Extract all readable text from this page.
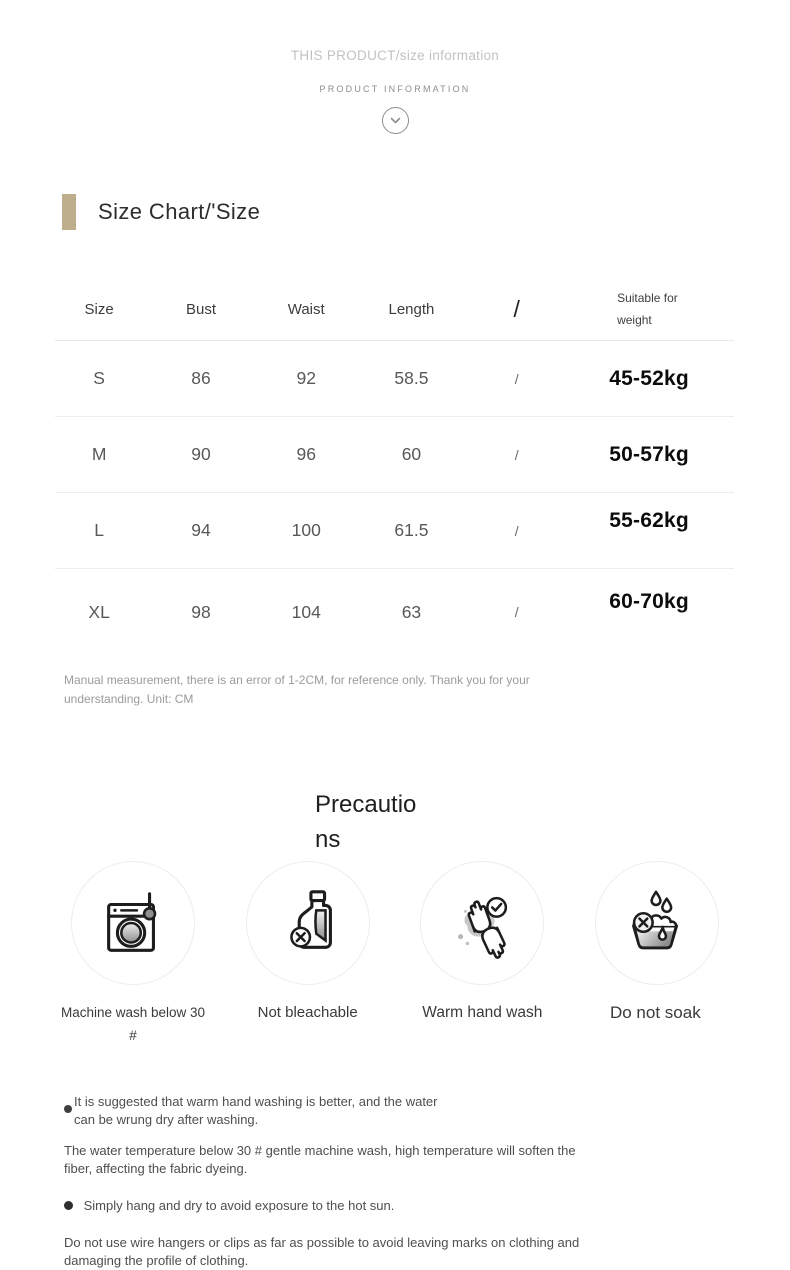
THIS PRODUCT/size information
PRODUCT INFORMATION
Size Chart/'Size
Size	Bust	Waist	Length	/	Suitable for weight
S	86	92	58.5	/	45-52kg
M	90	96	60	/	50-57kg
L	94	100	61.5	/	55-62kg
XL	98	104	63	/	60-70kg
Manual measurement, there is an error of 1-2CM, for reference only. Thank you for your understanding. Unit: CM
Precautions
Machine wash below 30 #
Not bleachable	Warm hand wash	Do not soak
It is suggested that warm hand washing is better, and the water can be wrung dry after washing.
The water temperature below 30 # gentle machine wash, high temperature will soften the fiber, affecting the fabric dyeing.
Simply hang and dry to avoid exposure to the hot sun.
Do not use wire hangers or clips as far as possible to avoid leaving marks on clothing and damaging the profile of clothing.
